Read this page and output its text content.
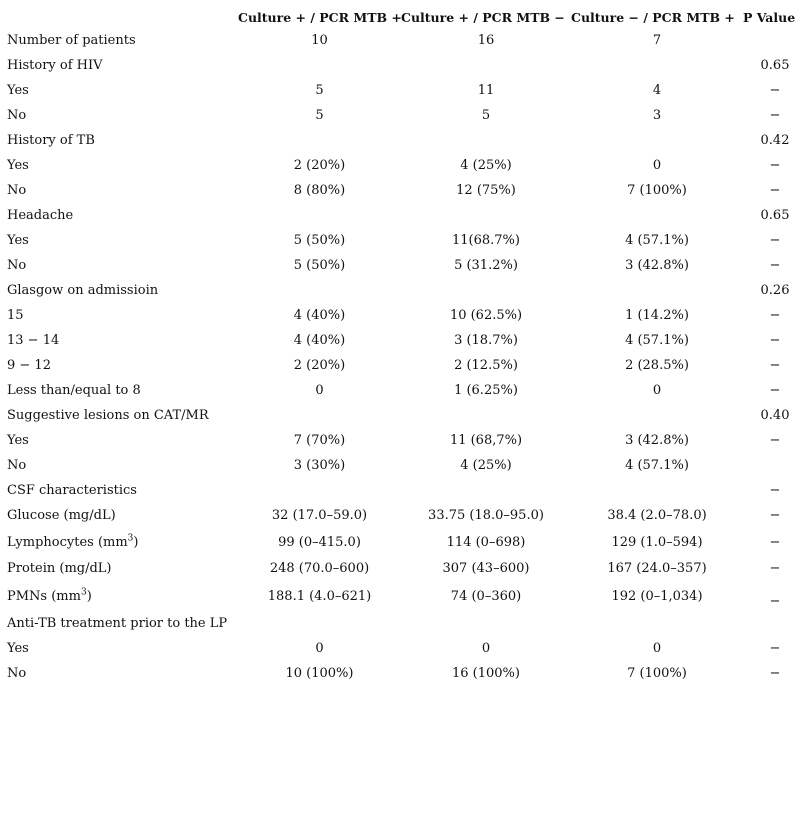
	Culture + / PCR MTB +	Culture + / PCR MTB −	Culture − / PCR MTB +	P Value
Number of patients	10	16	7	
History of HIV				0.65
Yes	5	11	4	−
No	5	5	3	−
History of TB				0.42
Yes	2 (20%)	4 (25%)	0	−
No	8 (80%)	12 (75%)	7 (100%)	−
Headache				0.65
Yes	5 (50%)	11(68.7%)	4 (57.1%)	−
No	5 (50%)	5 (31.2%)	3 (42.8%)	−
Glasgow on admissioin				0.26
15	4 (40%)	10 (62.5%)	1 (14.2%)	−
13 − 14	4 (40%)	3 (18.7%)	4 (57.1%)	−
9 − 12	2 (20%)	2 (12.5%)	2 (28.5%)	−
Less than/equal to 8	0	1 (6.25%)	0	−
Suggestive lesions on CAT/MR				0.40
Yes	7 (70%)	11 (68,7%)	3 (42.8%)	−
No	3 (30%)	4 (25%)	4 (57.1%)	
CSF characteristics				−
Glucose (mg/dL)	32 (17.0–59.0)	33.75 (18.0–95.0)	38.4 (2.0–78.0)	−
Lymphocytes $(mm^3)$	99 (0–415.0)	114 (0–698)	129 (1.0–594)	−
Protein (mg/dL)	248 (70.0–600)	307 (43–600)	167 (24.0–357)	−
PMNs $(mm^3)$	188.1 (4.0–621)	74 (0–360)	192 (0–1,034)	−
Anti-TB treatment prior to the LP				
Yes	0	0	0	−
No	10 (100%)	16 (100%)	7 (100%)	−
